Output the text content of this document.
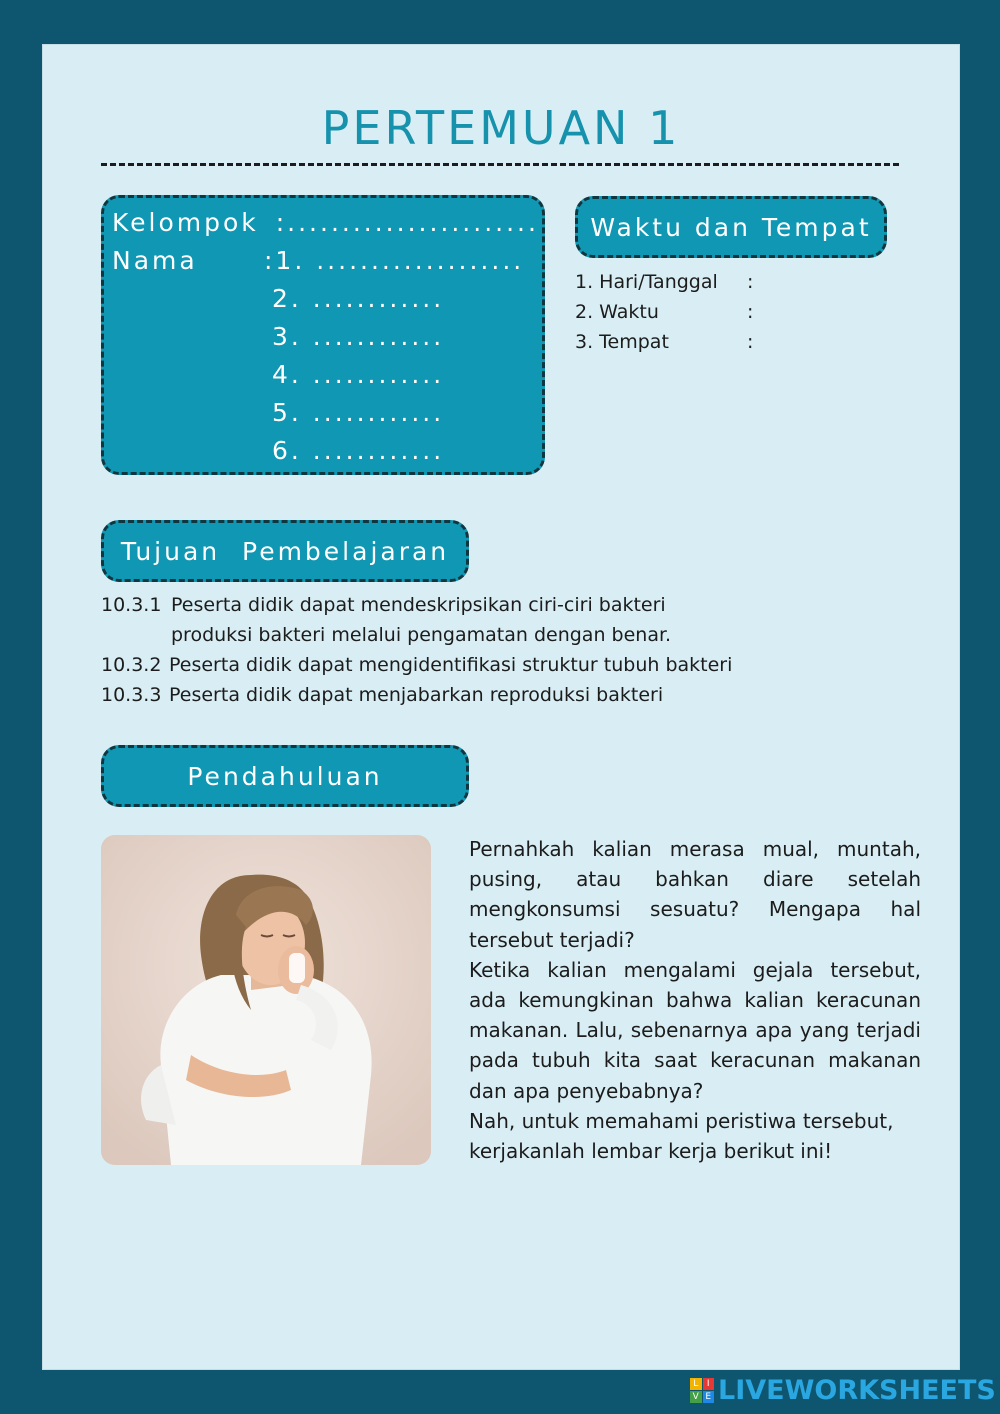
PERTEMUAN 1
Kelompok :.......................
Nama	:1. ...................
2. ............
3. ............
4. ............
5. ............
6. ............
Waktu dan Tempat
1. Hari/Tanggal :
2. Waktu	:
3. Tempat	:
Tujuan  Pembelajaran
10.3.1 Peserta didik dapat mendeskripsikan ciri-ciri bakteri
produksi bakteri melalui pengamatan dengan benar.
10.3.2 Peserta didik dapat mengidentifikasi struktur tubuh bakteri
10.3.3 Peserta didik dapat menjabarkan reproduksi bakteri
Pendahuluan

Pernahkah kalian merasa mual, muntah, pusing, atau bahkan diare setelah mengkonsumsi sesuatu? Mengapa hal tersebut terjadi?

Ketika kalian mengalami gejala tersebut, ada kemungkinan bahwa kalian keracunan makanan. Lalu, sebenarnya apa yang terjadi pada tubuh kita saat keracunan makanan dan apa penyebabnya?

Nah, untuk memahami peristiwa tersebut, kerjakanlah lembar kerja berikut ini!

L I
V E LIVEWORKSHEETS
